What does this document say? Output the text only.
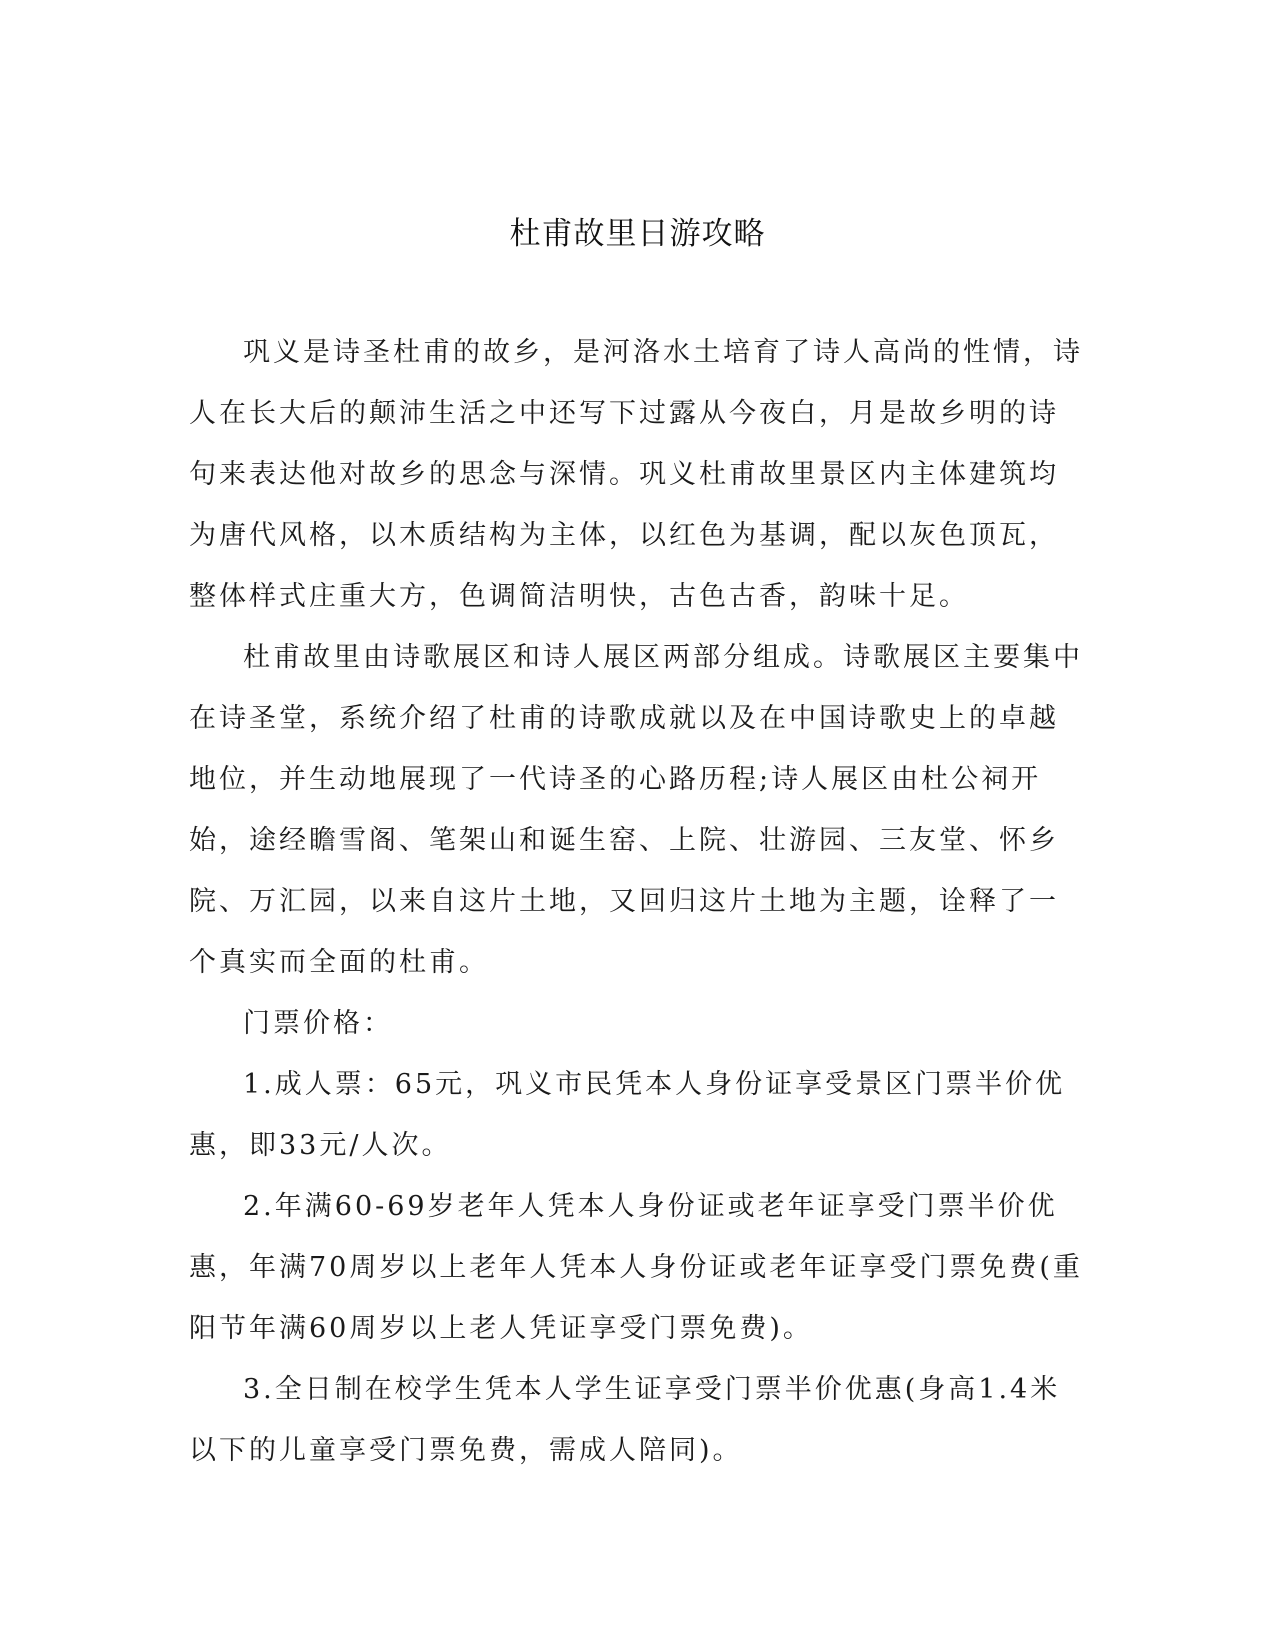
杜甫故里日游攻略

巩义是诗圣杜甫的故乡，是河洛水土培育了诗人高尚的性情，诗人在长大后的颠沛生活之中还写下过露从今夜白，月是故乡明的诗句来表达他对故乡的思念与深情。巩义杜甫故里景区内主体建筑均为唐代风格，以木质结构为主体，以红色为基调，配以灰色顶瓦，整体样式庄重大方，色调简洁明快，古色古香，韵味十足。

杜甫故里由诗歌展区和诗人展区两部分组成。诗歌展区主要集中在诗圣堂，系统介绍了杜甫的诗歌成就以及在中国诗歌史上的卓越地位，并生动地展现了一代诗圣的心路历程;诗人展区由杜公祠开始，途经瞻雪阁、笔架山和诞生窑、上院、壮游园、三友堂、怀乡院、万汇园，以来自这片土地，又回归这片土地为主题，诠释了一个真实而全面的杜甫。

门票价格：

1.成人票：65元，巩义市民凭本人身份证享受景区门票半价优惠，即33元/人次。

2.年满60-69岁老年人凭本人身份证或老年证享受门票半价优惠，年满70周岁以上老年人凭本人身份证或老年证享受门票免费(重阳节年满60周岁以上老人凭证享受门票免费)。

3.全日制在校学生凭本人学生证享受门票半价优惠(身高1.4米以下的儿童享受门票免费，需成人陪同)。
